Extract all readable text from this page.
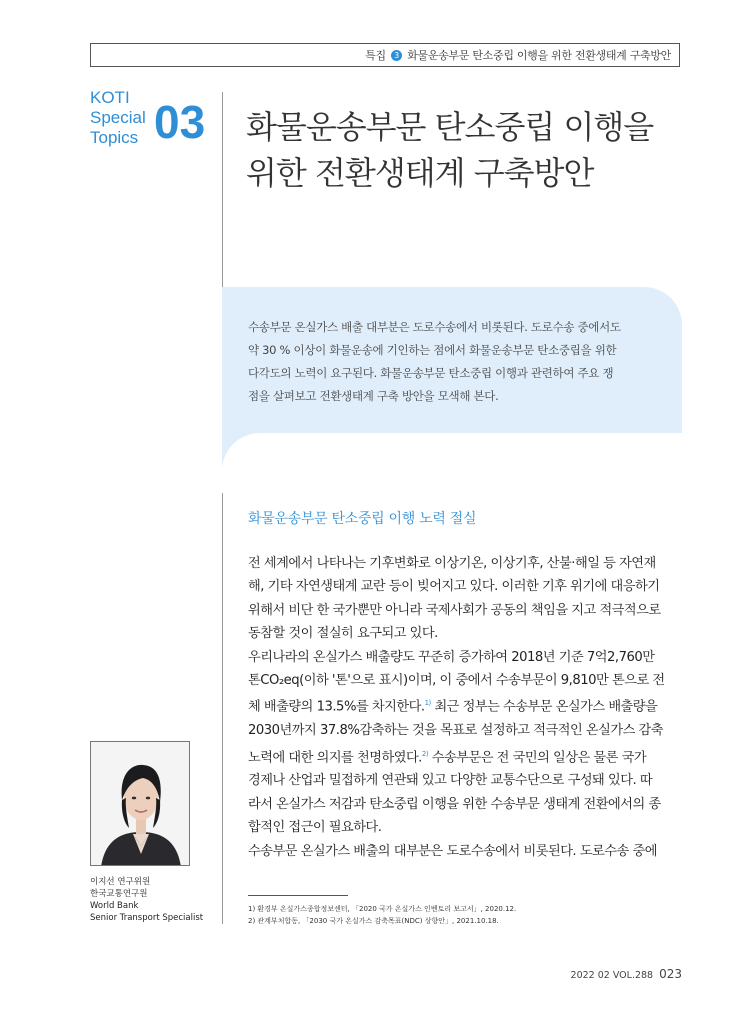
특집 3 화물운송부문 탄소중립 이행을 위한 전환생태계 구축방안
KOTI
Special
Topics 03 화물운송부문 탄소중립 이행을
위한 전환생태계 구축방안
수송부문 온실가스 배출 대부분은 도로수송에서 비롯된다. 도로수송 중에서도
약 30 % 이상이 화물운송에 기인하는 점에서 화물운송부문 탄소중립을 위한
다각도의 노력이 요구된다. 화물운송부문 탄소중립 이행과 관련하여 주요 쟁
점을 살펴보고 전환생태계 구축 방안을 모색해 본다.
화물운송부문 탄소중립 이행 노력 절실
전 세계에서 나타나는 기후변화로 이상기온, 이상기후, 산불·해일 등 자연재
해, 기타 자연생태계 교란 등이 빚어지고 있다. 이러한 기후 위기에 대응하기
위해서 비단 한 국가뿐만 아니라 국제사회가 공동의 책임을 지고 적극적으로
동참할 것이 절실히 요구되고 있다.
우리나라의 온실가스 배출량도 꾸준히 증가하여 2018년 기준 7억2,760만
톤CO₂eq(이하 '톤'으로 표시)이며, 이 중에서 수송부문이 9,810만 톤으로 전
체 배출량의 13.5%를 차지한다.$^{1)}$ 최근 정부는 수송부문 온실가스 배출량을
2030년까지 37.8%감축하는 것을 목표로 설정하고 적극적인 온실가스 감축
노력에 대한 의지를 천명하였다.$^{2)}$ 수송부문은 전 국민의 일상은 물론 국가
경제나 산업과 밀접하게 연관돼 있고 다양한 교통수단으로 구성돼 있다. 따
라서 온실가스 저감과 탄소중립 이행을 위한 수송부문 생태계 전환에서의 종
합적인 접근이 필요하다.
수송부문 온실가스 배출의 대부분은 도로수송에서 비롯된다. 도로수송 중에
이지선 연구위원
한국교통연구원
World Bank
Senior Transport Specialist
1) 환경부 온실가스종합정보센터, 「2020 국가 온실가스 인벤토리 보고서」, 2020.12.
2) 관계부처합동, 「2030 국가 온실가스 감축목표(NDC) 상향안」, 2021.10.18.
2022 02 VOL.288 023
